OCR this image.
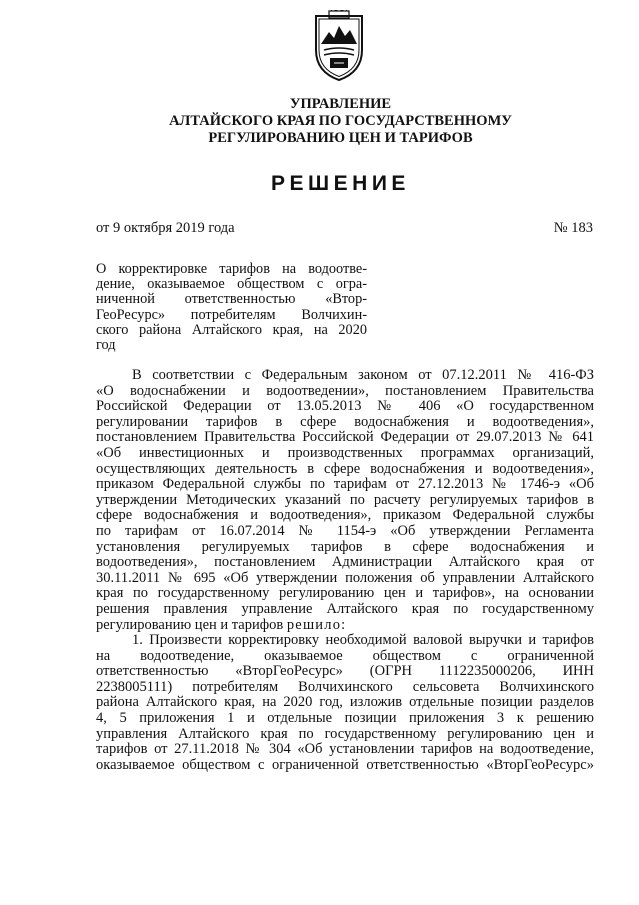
УПРАВЛЕНИЕ
АЛТАЙСКОГО КРАЯ ПО ГОСУДАРСТВЕННОМУ
РЕГУЛИРОВАНИЮ ЦЕН И ТАРИФОВ
РЕШЕНИЕ
от 9 октября 2019 года	№ 183
О корректировке тарифов на водоотве-
дение, оказываемое обществом с огра-
ниченной ответственностью «Втор-
ГеоРесурс» потребителям Волчихин-
ского района Алтайского края, на 2020
год
В соответствии с Федеральным законом от 07.12.2011 № 416-ФЗ
«О водоснабжении и водоотведении», постановлением Правительства
Российской Федерации от 13.05.2013 № 406 «О государственном
регулировании тарифов в сфере водоснабжения и водоотведения»,
постановлением Правительства Российской Федерации от 29.07.2013 № 641
«Об инвестиционных и производственных программах организаций,
осуществляющих деятельность в сфере водоснабжения и водоотведения»,
приказом Федеральной службы по тарифам от 27.12.2013 № 1746-э «Об
утверждении Методических указаний по расчету регулируемых тарифов в
сфере водоснабжения и водоотведения», приказом Федеральной службы
по тарифам от 16.07.2014 № 1154-э «Об утверждении Регламента
установления регулируемых тарифов в сфере водоснабжения и
водоотведения», постановлением Администрации Алтайского края от
30.11.2011 № 695 «Об утверждении положения об управлении Алтайского
края по государственному регулированию цен и тарифов», на основании
решения правления управление Алтайского края по государственному
регулированию цен и тарифов решило:
1. Произвести корректировку необходимой валовой выручки и тарифов
на водоотведение, оказываемое обществом с ограниченной
ответственностью «ВторГеоРесурс» (ОГРН 1112235000206, ИНН
2238005111) потребителям Волчихинского сельсовета Волчихинского
района Алтайского края, на 2020 год, изложив отдельные позиции разделов
4, 5 приложения 1 и отдельные позиции приложения 3 к решению
управления Алтайского края по государственному регулированию цен и
тарифов от 27.11.2018 № 304 «Об установлении тарифов на водоотведение,
оказываемое обществом с ограниченной ответственностью «ВторГеоРесурс»
